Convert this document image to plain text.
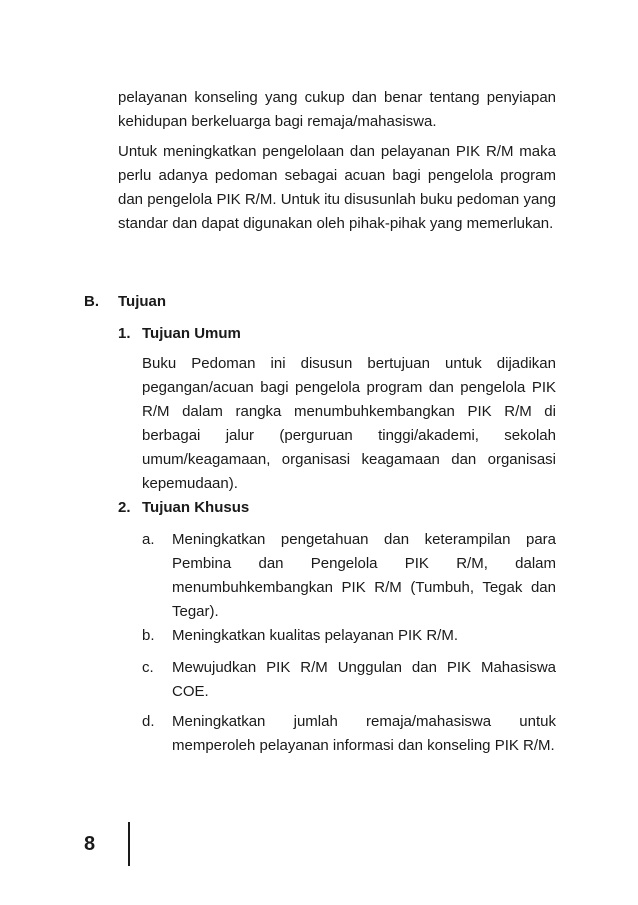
pelayanan konseling yang cukup dan benar tentang penyiapan kehidupan berkeluarga bagi remaja/mahasiswa.

Untuk meningkatkan pengelolaan dan pelayanan PIK R/M maka perlu adanya pedoman sebagai acuan bagi pengelola program dan pengelola PIK R/M. Untuk itu disusunlah buku pedoman yang standar dan dapat digunakan oleh pihak-pihak yang memerlukan.

B. Tujuan
1. Tujuan Umum

Buku Pedoman ini disusun bertujuan untuk dijadikan pegangan/acuan bagi pengelola program dan pengelola PIK R/M dalam rangka menumbuhkembangkan PIK R/M di berbagai jalur (perguruan tinggi/akademi, sekolah umum/keagamaan, organisasi keagamaan dan organisasi kepemudaan).

2. Tujuan Khusus
a. Meningkatkan pengetahuan dan keterampilan para Pembina dan Pengelola PIK R/M, dalam menumbuhkembangkan PIK R/M (Tumbuh, Tegak dan Tegar).

b. Meningkatkan kualitas pelayanan PIK R/M.

c. Mewujudkan PIK R/M Unggulan dan PIK Mahasiswa COE.

d. Meningkatkan jumlah remaja/mahasiswa untuk memperoleh pelayanan informasi dan konseling PIK R/M.

8
